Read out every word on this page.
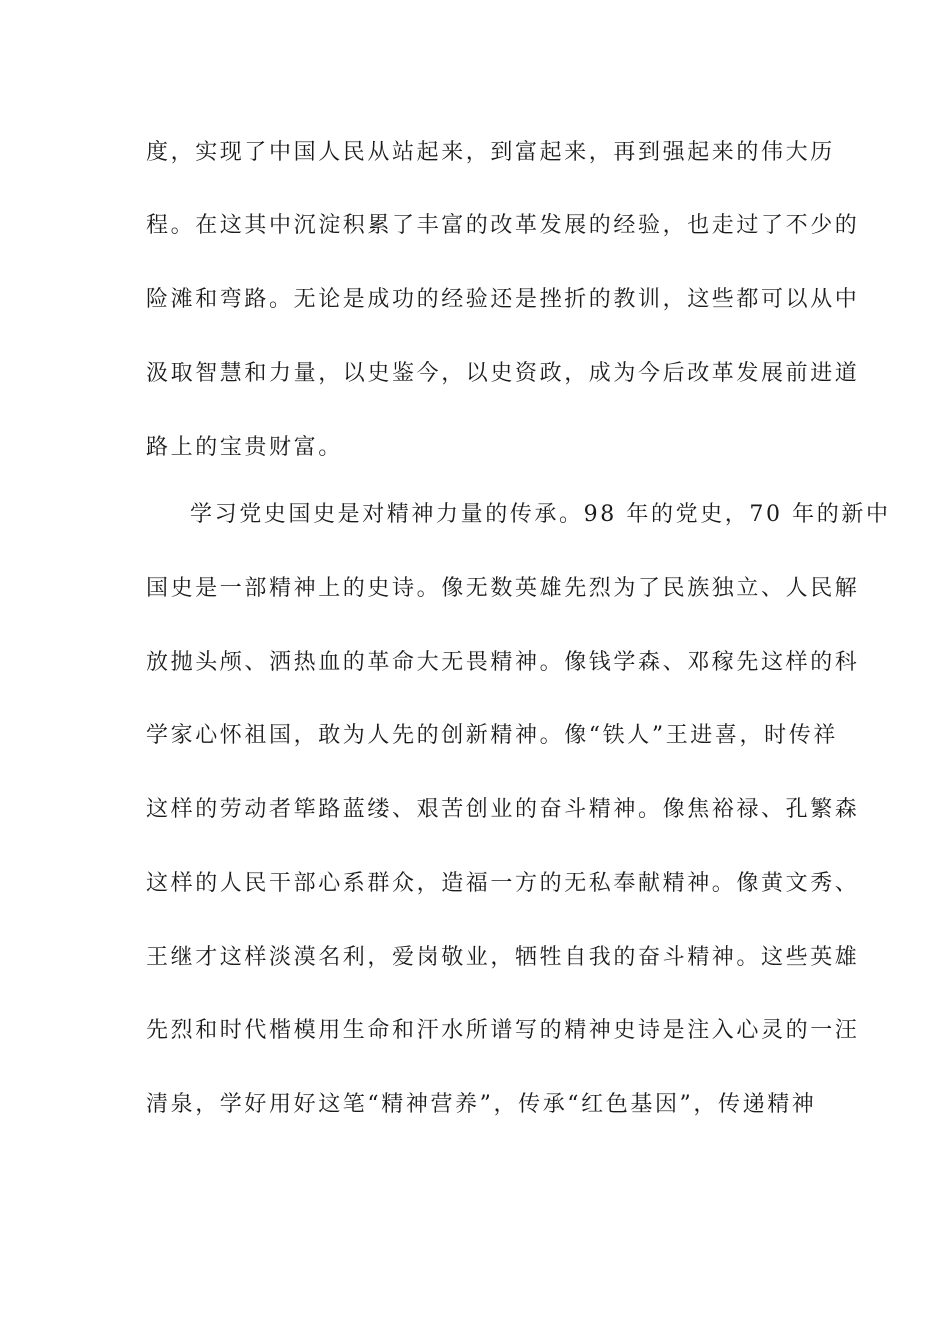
度，实现了中国人民从站起来，到富起来，再到强起来的伟大历
程。在这其中沉淀积累了丰富的改革发展的经验，也走过了不少的
险滩和弯路。无论是成功的经验还是挫折的教训，这些都可以从中
汲取智慧和力量，以史鉴今，以史资政，成为今后改革发展前进道
路上的宝贵财富。
学习党史国史是对精神力量的传承。98 年的党史，70 年的新中
国史是一部精神上的史诗。像无数英雄先烈为了民族独立、人民解
放抛头颅、洒热血的革命大无畏精神。像钱学森、邓稼先这样的科
学家心怀祖国，敢为人先的创新精神。像“铁人”王进喜，时传祥
这样的劳动者筚路蓝缕、艰苦创业的奋斗精神。像焦裕禄、孔繁森
这样的人民干部心系群众，造福一方的无私奉献精神。像黄文秀、
王继才这样淡漠名利，爱岗敬业，牺牲自我的奋斗精神。这些英雄
先烈和时代楷模用生命和汗水所谱写的精神史诗是注入心灵的一汪
清泉，学好用好这笔“精神营养”，传承“红色基因”，传递精神
